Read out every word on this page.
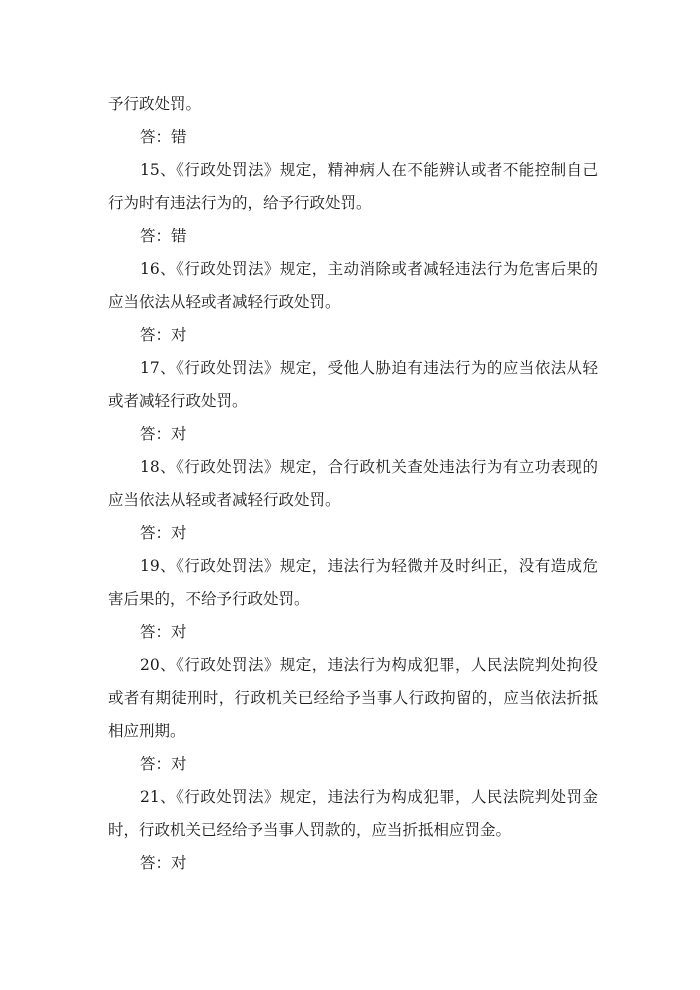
予行政处罚。

答：错

15、《行政处罚法》规定，精神病人在不能辨认或者不能控制自己行为时有违法行为的，给予行政处罚。

答：错

16、《行政处罚法》规定，主动消除或者减轻违法行为危害后果的应当依法从轻或者减轻行政处罚。

答：对

17、《行政处罚法》规定，受他人胁迫有违法行为的应当依法从轻或者减轻行政处罚。

答：对

18、《行政处罚法》规定，合行政机关查处违法行为有立功表现的应当依法从轻或者减轻行政处罚。

答：对

19、《行政处罚法》规定，违法行为轻微并及时纠正，没有造成危害后果的，不给予行政处罚。

答：对

20、《行政处罚法》规定，违法行为构成犯罪，人民法院判处拘役或者有期徒刑时，行政机关已经给予当事人行政拘留的，应当依法折抵相应刑期。

答：对

21、《行政处罚法》规定，违法行为构成犯罪，人民法院判处罚金时，行政机关已经给予当事人罚款的，应当折抵相应罚金。

答：对
